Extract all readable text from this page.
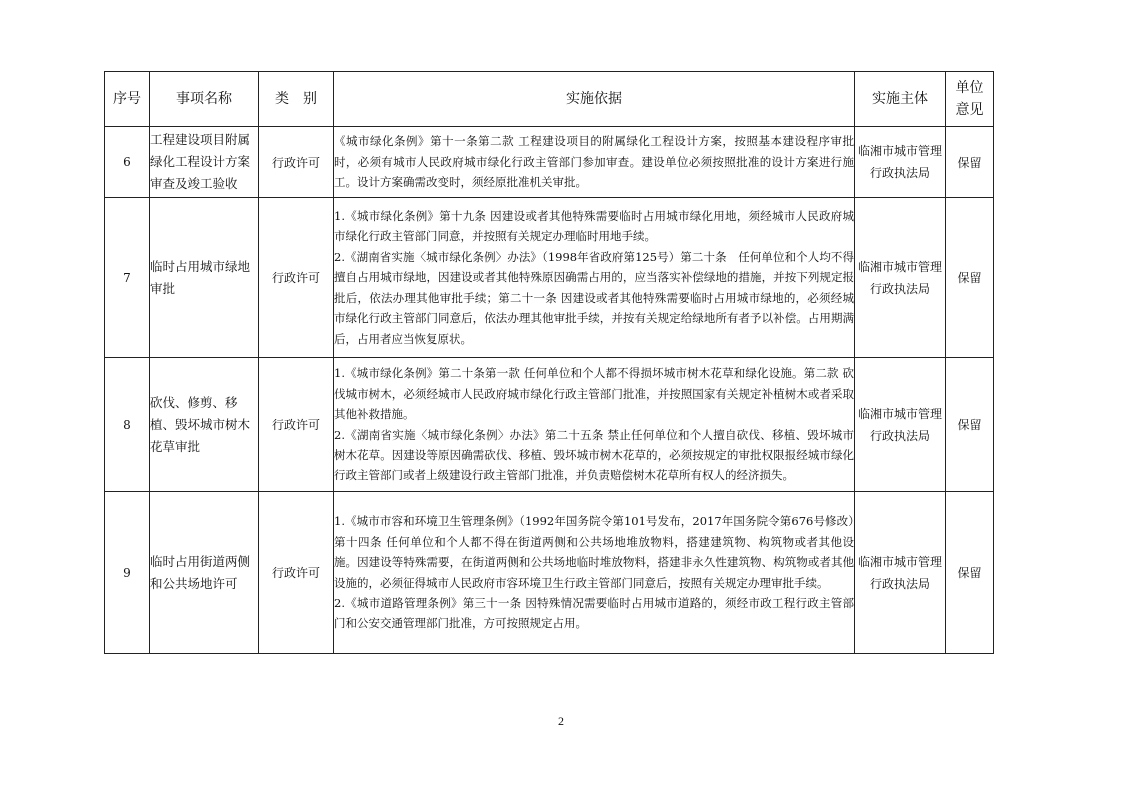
序号	事项名称	类　别	实施依据	实施主体	单位
意见

6	工程建设项目附属绿化工程设计方案审查及竣工验收	行政许可	《城市绿化条例》第十一条第二款 工程建设项目的附属绿化工程设计方案，按照基本建设程序审批时，必须有城市人民政府城市绿化行政主管部门参加审查。建设单位必须按照批准的设计方案进行施工。设计方案确需改变时，须经原批准机关审批。	临湘市城市管理行政执法局	保留
7	临时占用城市绿地审批	行政许可	1.《城市绿化条例》第十九条 因建设或者其他特殊需要临时占用城市绿化用地，须经城市人民政府城市绿化行政主管部门同意，并按照有关规定办理临时用地手续。
2.《湖南省实施〈城市绿化条例〉办法》（1998年省政府第125号）第二十条　任何单位和个人均不得擅自占用城市绿地，因建设或者其他特殊原因确需占用的，应当落实补偿绿地的措施，并按下列规定报批后，依法办理其他审批手续；第二十一条 因建设或者其他特殊需要临时占用城市绿地的，必须经城市绿化行政主管部门同意后，依法办理其他审批手续，并按有关规定给绿地所有者予以补偿。占用期满后，占用者应当恢复原状。	临湘市城市管理行政执法局	保留
8	砍伐、修剪、移植、毁坏城市树木花草审批	行政许可	1.《城市绿化条例》第二十条第一款 任何单位和个人都不得损坏城市树木花草和绿化设施。第二款 砍伐城市树木，必须经城市人民政府城市绿化行政主管部门批准，并按照国家有关规定补植树木或者采取其他补救措施。
2.《湖南省实施〈城市绿化条例〉办法》第二十五条 禁止任何单位和个人擅自砍伐、移植、毁坏城市树木花草。因建设等原因确需砍伐、移植、毁坏城市树木花草的，必须按规定的审批权限报经城市绿化行政主管部门或者上级建设行政主管部门批准，并负责赔偿树木花草所有权人的经济损失。	临湘市城市管理行政执法局	保留
9	临时占用街道两侧和公共场地许可	行政许可	1.《城市市容和环境卫生管理条例》（1992年国务院令第101号发布，2017年国务院令第676号修改）第十四条 任何单位和个人都不得在街道两侧和公共场地堆放物料，搭建建筑物、构筑物或者其他设施。因建设等特殊需要，在街道两侧和公共场地临时堆放物料，搭建非永久性建筑物、构筑物或者其他设施的，必须征得城市人民政府市容环境卫生行政主管部门同意后，按照有关规定办理审批手续。
2.《城市道路管理条例》第三十一条 因特殊情况需要临时占用城市道路的，须经市政工程行政主管部门和公安交通管理部门批准，方可按照规定占用。	临湘市城市管理行政执法局	保留
2
